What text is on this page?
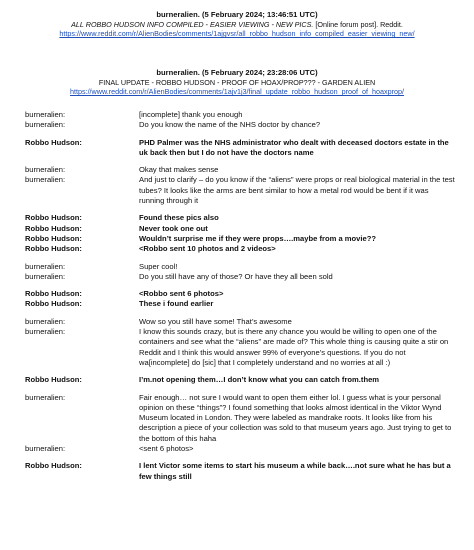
burneralien. (5 February 2024; 13:46:51 UTC)
ALL ROBBO HUDSON INFO COMPILED - EASIER VIEWING - NEW PICS. [Online forum post]. Reddit.
https://www.reddit.com/r/AlienBodies/comments/1ajgvsr/all_robbo_hudson_info_compiled_easier_viewing_new/
burneralien. (5 February 2024; 23:28:06 UTC)
FINAL UPDATE - ROBBO HUDSON - PROOF OF HOAX/PROP??? - GARDEN ALIEN
https://www.reddit.com/r/AlienBodies/comments/1ajv1j3/final_update_robbo_hudson_proof_of_hoaxprop/
burneralien:	[incomplete] thank you enough
burneralien:	Do you know the name of the NHS doctor by chance?
Robbo Hudson:	PHD Palmer was the NHS administrator who dealt with deceased doctors estate in the uk back then but I do not have the doctors name
burneralien:	Okay that makes sense
burneralien:	And just to clarify – do you know if the “aliens” were props or real biological material in the test tubes? It looks like the arms are bent similar to how a metal rod would be bent if it was running through it
Robbo Hudson:	Found these pics also
Robbo Hudson:	Never took one out
Robbo Hudson:	Wouldn’t surprise me if they were props….maybe from a movie??
Robbo Hudson:	<Robbo sent 10 photos and 2 videos>
burneralien:	Super cool!
burneralien:	Do you still have any of those? Or have they all been sold
Robbo Hudson:	<Robbo sent 6 photos>
Robbo Hudson:	These i found earlier
burneralien:	Wow so you still have some! That’s awesome
burneralien:	I know this sounds crazy, but is there any chance you would be willing to open one of the containers and see what the “aliens” are made of? This whole thing is causing quite a stir on Reddit and I think this would answer 99% of everyone’s questions. If you do not wa[incomplete] do [sic] that I completely understand and no worries at all :)
Robbo Hudson:	I’m.not opening them…I don’t know what you can catch from.them
burneralien:	Fair enough… not sure I would want to open them either lol. I guess what is your personal opinion on these “things”? I found something that looks almost identical in the Viktor Wynd Museum located in London. They were labeled as mandrake roots. It looks like from his description a piece of your collection was sold to that museum years ago. Just trying to get to the bottom of this haha
burneralien:	<sent 6 photos>
Robbo Hudson:	I lent Victor some items to start his museum a while back….not sure what he has but a few things still
